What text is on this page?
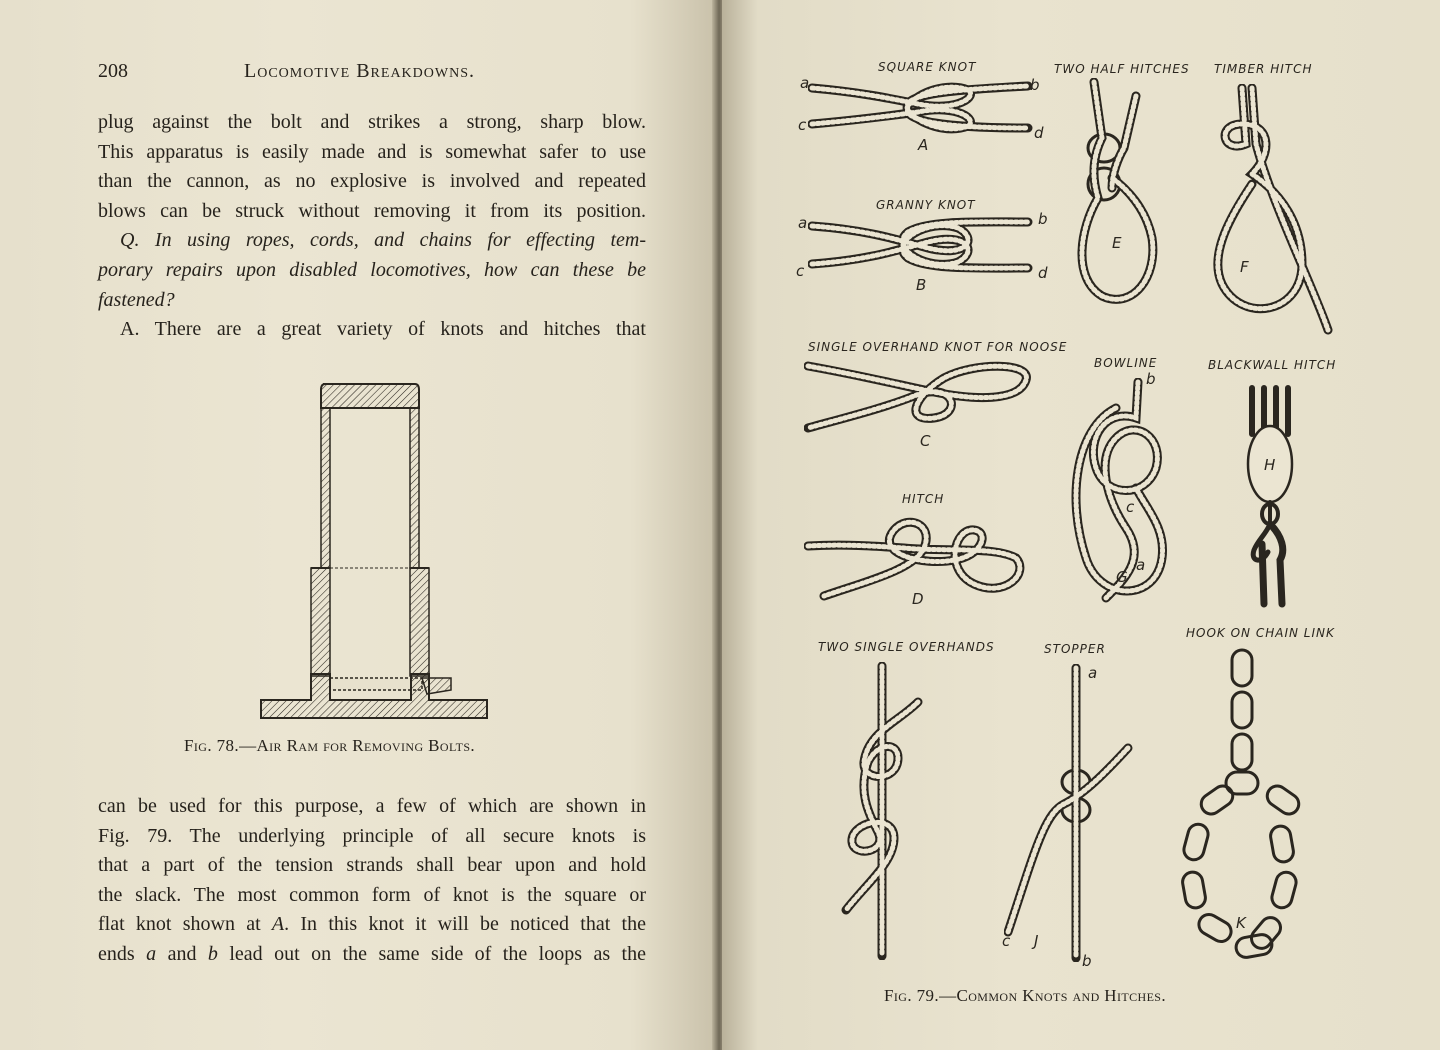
208	Locomotive Breakdowns.
plug against the bolt and strikes a strong, sharp blow.
This apparatus is easily made and is somewhat safer to use
than the cannon, as no explosive is involved and repeated
blows can be struck without removing it from its position.
Q. In using ropes, cords, and chains for effecting tem-
porary repairs upon disabled locomotives, how can these be
fastened?
A. There are a great variety of knots and hitches that
Fig. 78.—Air Ram for Removing Bolts.
can be used for this purpose, a few of which are shown in
Fig. 79. The underlying principle of all secure knots is
that a part of the tension strands shall bear upon and hold
the slack. The most common form of knot is the square or
flat knot shown at A. In this knot it will be noticed that the
ends a and b lead out on the same side of the loops as the
SQUARE KNOT
a	b
c	d
A
GRANNY KNOT
a	b
c	d
B
SINGLE OVERHAND KNOT FOR NOOSE
C
HITCH
D
TWO HALF HITCHES
E
TIMBER HITCH
F
BOWLINE
b
c
a
G
BLACKWALL HITCH
H
TWO SINGLE OVERHANDS	STOPPER
a
c
b
J
HOOK ON CHAIN LINK
K
Fig. 79.—Common Knots and Hitches.
